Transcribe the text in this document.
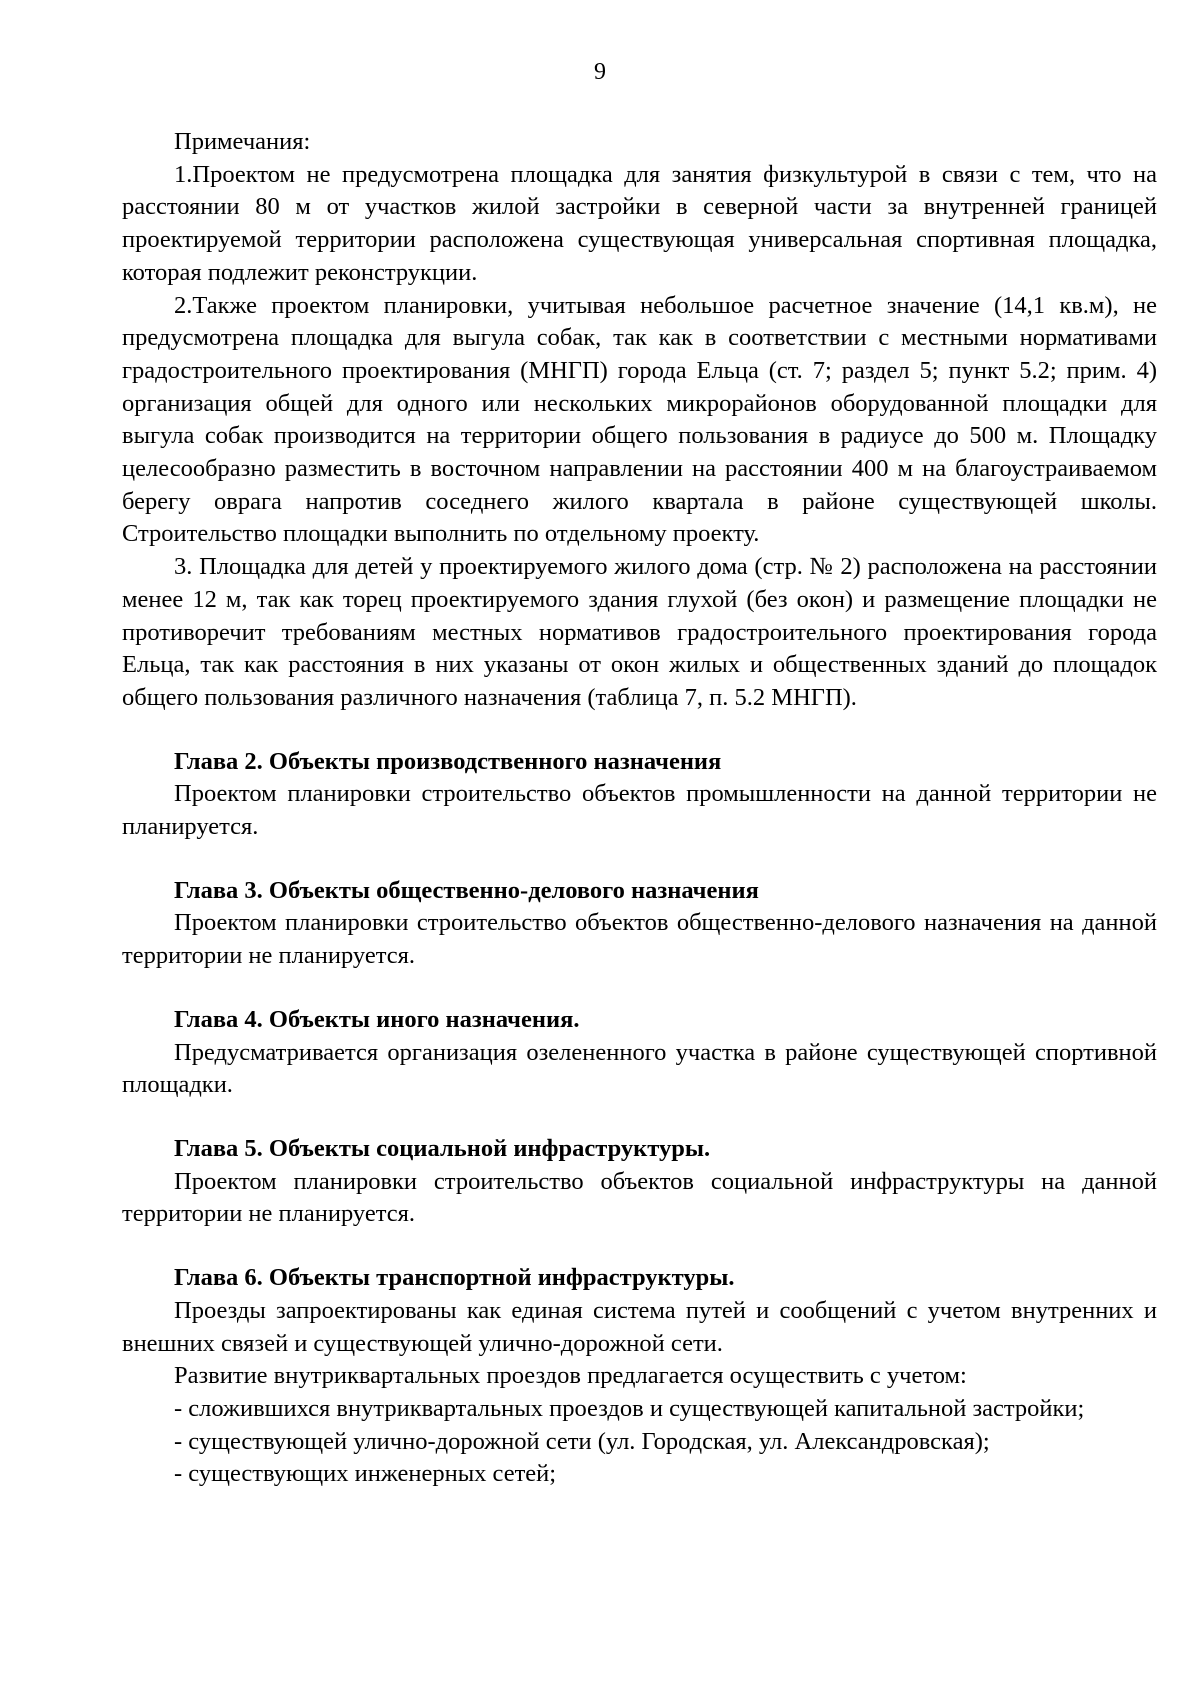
9

Примечания:

1.Проектом не предусмотрена площадка для занятия физкультурой в связи с тем, что на расстоянии 80 м от участков жилой застройки в северной части за внутренней границей проектируемой территории расположена существующая универсальная спортивная площадка, которая подлежит реконструкции.

2.Также проектом планировки, учитывая небольшое расчетное значение (14,1 кв.м), не предусмотрена площадка для выгула собак, так как в соответствии с местными нормативами градостроительного проектирования (МНГП) города Ельца (ст. 7; раздел 5; пункт 5.2; прим. 4) организация общей для одного или нескольких микрорайонов оборудованной площадки для выгула собак производится на территории общего пользования в радиусе до 500 м. Площадку целесообразно разместить в восточном направлении на расстоянии 400 м на благоустраиваемом берегу оврага напротив соседнего жилого квартала в районе существующей школы. Строительство площадки выполнить по отдельному проекту.

3. Площадка для детей у проектируемого жилого дома (стр. № 2) расположена на расстоянии менее 12 м, так как торец проектируемого здания глухой (без окон) и размещение площадки не противоречит требованиям местных нормативов градостроительного проектирования города Ельца, так как расстояния в них указаны от окон жилых и общественных зданий до площадок общего пользования различного назначения (таблица 7, п. 5.2 МНГП).

Глава 2. Объекты производственного назначения

Проектом планировки строительство объектов промышленности на данной территории не планируется.

Глава 3. Объекты общественно-делового назначения

Проектом планировки строительство объектов общественно-делового назначения на данной территории не планируется.

Глава 4. Объекты иного назначения.

Предусматривается организация озелененного участка в районе существующей спортивной площадки.

Глава 5. Объекты социальной инфраструктуры.

Проектом планировки строительство объектов социальной инфраструктуры на данной территории не планируется.

Глава 6. Объекты транспортной инфраструктуры.

Проезды запроектированы как единая система путей и сообщений с учетом внутренних и внешних связей и существующей улично-дорожной сети.

Развитие внутриквартальных проездов предлагается осуществить с учетом:

- сложившихся внутриквартальных проездов и существующей капитальной застройки;

- существующей улично-дорожной сети (ул. Городская, ул. Александровская);

- существующих инженерных сетей;
